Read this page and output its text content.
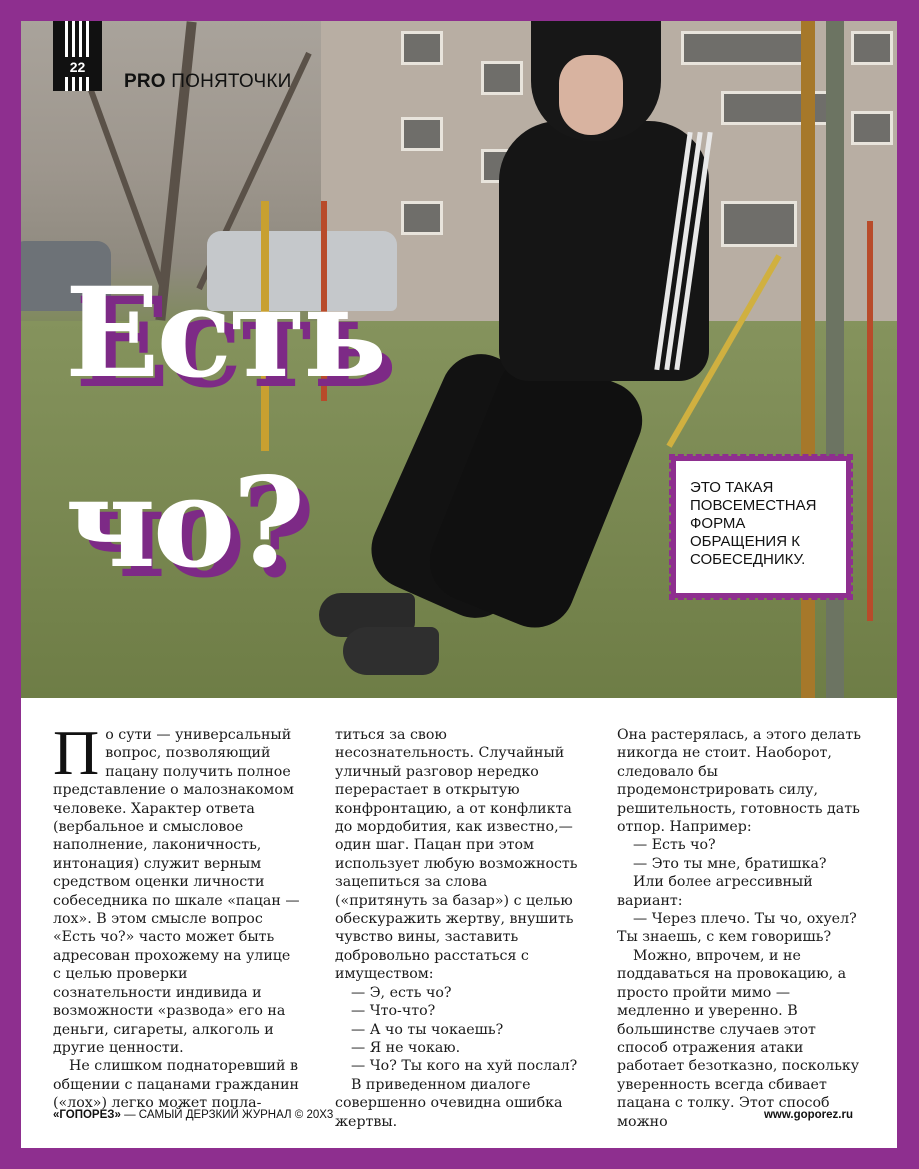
22
PRO ПОНЯТОЧКИ
Есть
чо?	ЭТО ТАКАЯ ПОВСЕМЕСТНАЯ ФОРМА ОБРАЩЕНИЯ К СОБЕСЕДНИКУ.

По сути — универсальный вопрос, позволяющий пацану получить полное представление о малознакомом человеке. Характер ответа (вербальное и смысловое наполнение, лаконичность, интонация) служит верным средством оценки личности собеседника по шкале «пацан — лох». В этом смысле вопрос «Есть чо?» часто может быть адресован прохожему на улице с целью проверки сознательности индивида и возможности «развода» его на деньги, сигареты, алкоголь и другие ценности.

Не слишком поднаторевший в общении с пацанами гражданин («лох») легко может попла-

титься за свою несознательность. Случайный уличный разговор нередко перерастает в открытую конфронтацию, а от конфликта до мордобития, как известно,— один шаг. Пацан при этом использует любую возможность зацепиться за слова («притянуть за базар») с целью обескуражить жертву, внушить чувство вины, заставить добровольно расстаться с имуществом:

— Э, есть чо?

— Что-что?

— А чо ты чокаешь?

— Я не чокаю.

— Чо? Ты кого на хуй послал?

В приведенном диалоге совершенно очевидна ошибка жертвы.

Она растерялась, а этого делать никогда не стоит. Наоборот, следовало бы продемонстрировать силу, решительность, готовность дать отпор. Например:

— Есть чо?

— Это ты мне, братишка?

Или более агрессивный вариант:

— Через плечо. Ты чо, охуел? Ты знаешь, с кем говоришь?

Можно, впрочем, и не поддаваться на провокацию, а просто пройти мимо — медленно и уверенно. В большинстве случаев этот способ отражения атаки работает безотказно, поскольку уверенность всегда сбивает пацана с толку. Этот способ можно

«ГОПОРЕЗ» — САМЫЙ ДЕРЗКИЙ ЖУРНАЛ © 20Х3	www.goporez.ru
